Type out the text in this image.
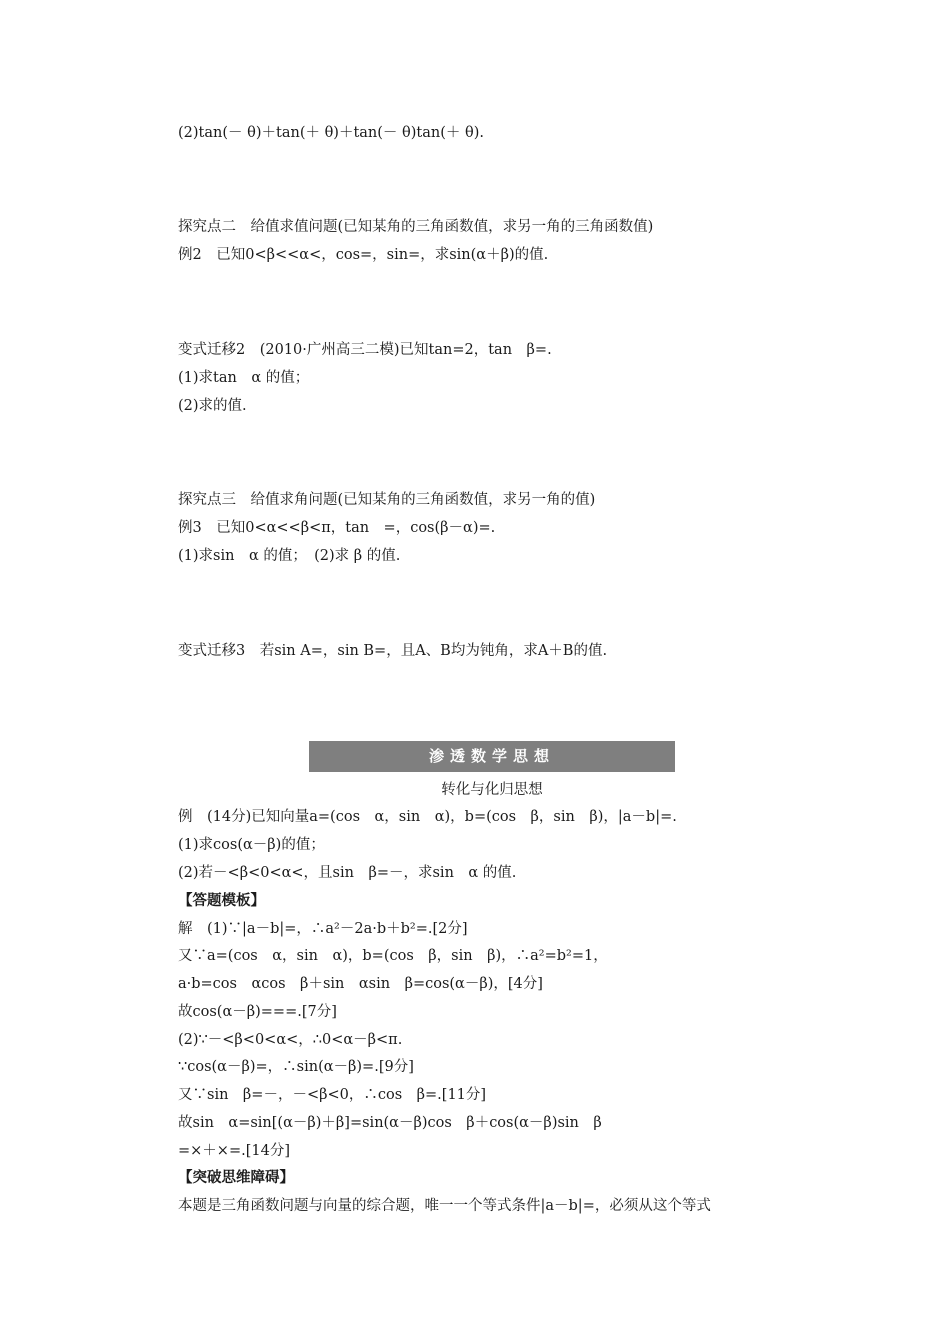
(2)tan(－ θ)＋tan(＋ θ)＋tan(－ θ)tan(＋ θ).
探究点二　给值求值问题(已知某角的三角函数值，求另一角的三角函数值)
例2　已知0<β<<α<，cos=，sin=，求sin(α＋β)的值.
变式迁移2　(2010·广州高三二模)已知tan=2，tan　β=.
(1)求tan　α 的值；
(2)求的值.
探究点三　给值求角问题(已知某角的三角函数值，求另一角的值)
例3　已知0<α<<β<π，tan　=，cos(β－α)=.
(1)求sin　α 的值；　(2)求 β 的值.
变式迁移3　若sin A=，sin B=，且A、B均为钝角，求A＋B的值.
渗透数学思想
转化与化归思想
例　(14分)已知向量a=(cos　α，sin　α)，b=(cos　β，sin　β)，|a－b|=.
(1)求cos(α－β)的值；
(2)若－<β<0<α<，且sin　β=－，求sin　α 的值.
【答题模板】
解　(1)∵|a－b|=，∴a²－2a·b＋b²=.[2分]
又∵a=(cos　α，sin　α)，b=(cos　β，sin　β)，∴a²=b²=1，
a·b=cos　αcos　β＋sin　αsin　β=cos(α－β)，[4分]
故cos(α－β)===.[7分]
(2)∵－<β<0<α<，∴0<α－β<π.
∵cos(α－β)=，∴sin(α－β)=.[9分]
又∵sin　β=－，－<β<0，∴cos　β=.[11分]
故sin　α=sin[(α－β)＋β]=sin(α－β)cos　β＋cos(α－β)sin　β
=×＋×=.[14分]
【突破思维障碍】
本题是三角函数问题与向量的综合题，唯一一个等式条件|a－b|=，必须从这个等式
